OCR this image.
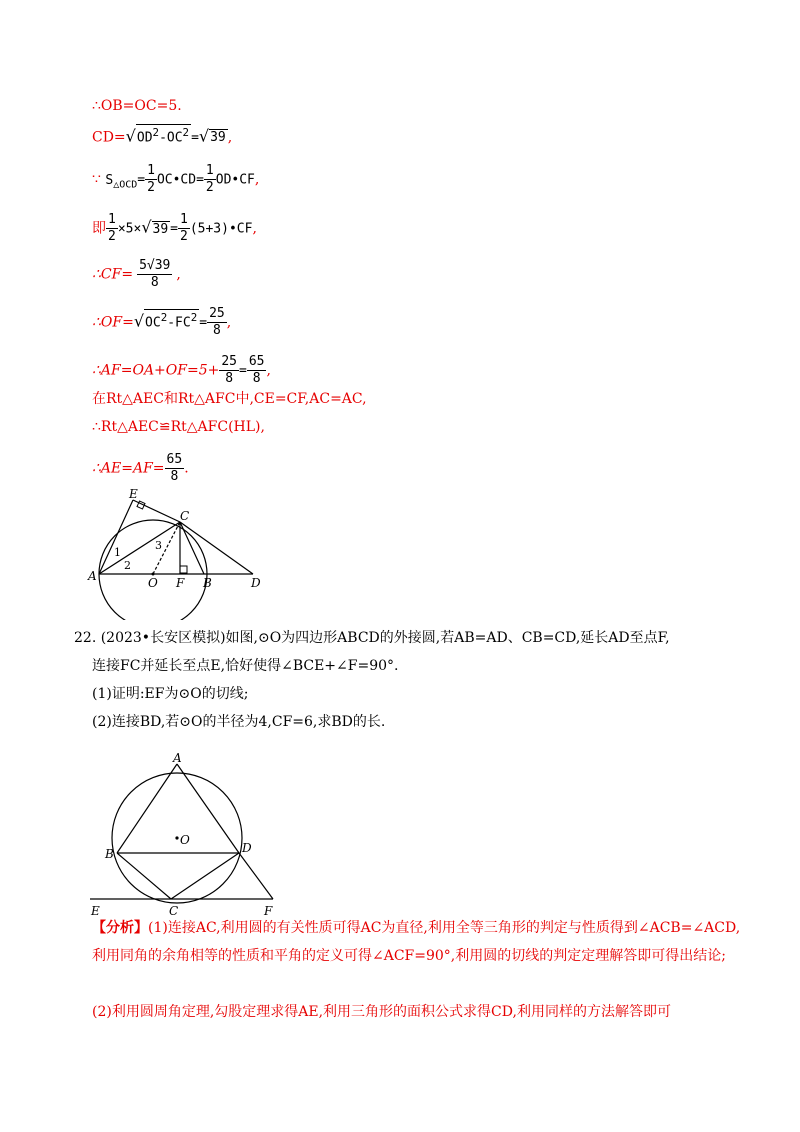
∴OB=OC=5.
$CD=√OD^2-OC^2 =√39$ ,
∵ $S_{\triangle OCD}= \frac{1}{2}$ OC•CD= $\frac{1}{2}$ OD•CF,
即 $\frac{1}{2} \times 5\times√39 = \frac{1}{2}$ (5+3)•CF,
∴CF= $\frac{5√39}{8}$ ,
$\therefore OF=√OC^2-FC^2 = \frac{25}{8}$ ,
∴AF=OA+OF=5+ $\frac{25}{8} = \frac{65}{8}$ ,
在Rt△AEC和Rt△AFC中,CE=CF,AC=AC,
∴Rt△AEC≌Rt△AFC(HL),
∴AE=AF= $\frac{65}{8}$ .
E
C
A	O F B	D
1
2
3
22. (2023•长安区模拟)如图,⊙O为四边形ABCD的外接圆,若AB=AD、CB=CD,延长AD至点F,
连接FC并延长至点E,恰好使得∠BCE+∠F=90°.
(1)证明:EF为⊙O的切线;
(2)连接BD,若⊙O的半径为4,CF=6,求BD的长.
A
O
B	D
E	C	F
【分析】(1)连接AC,利用圆的有关性质可得AC为直径,利用全等三角形的判定与性质得到∠ACB=∠ACD,利用同角的余角相等的性质和平角的定义可得∠ACF=90°,利用圆的切线的判定定理解答即可得出结论;
(2)利用圆周角定理,勾股定理求得AE,利用三角形的面积公式求得CD,利用同样的方法解答即可
